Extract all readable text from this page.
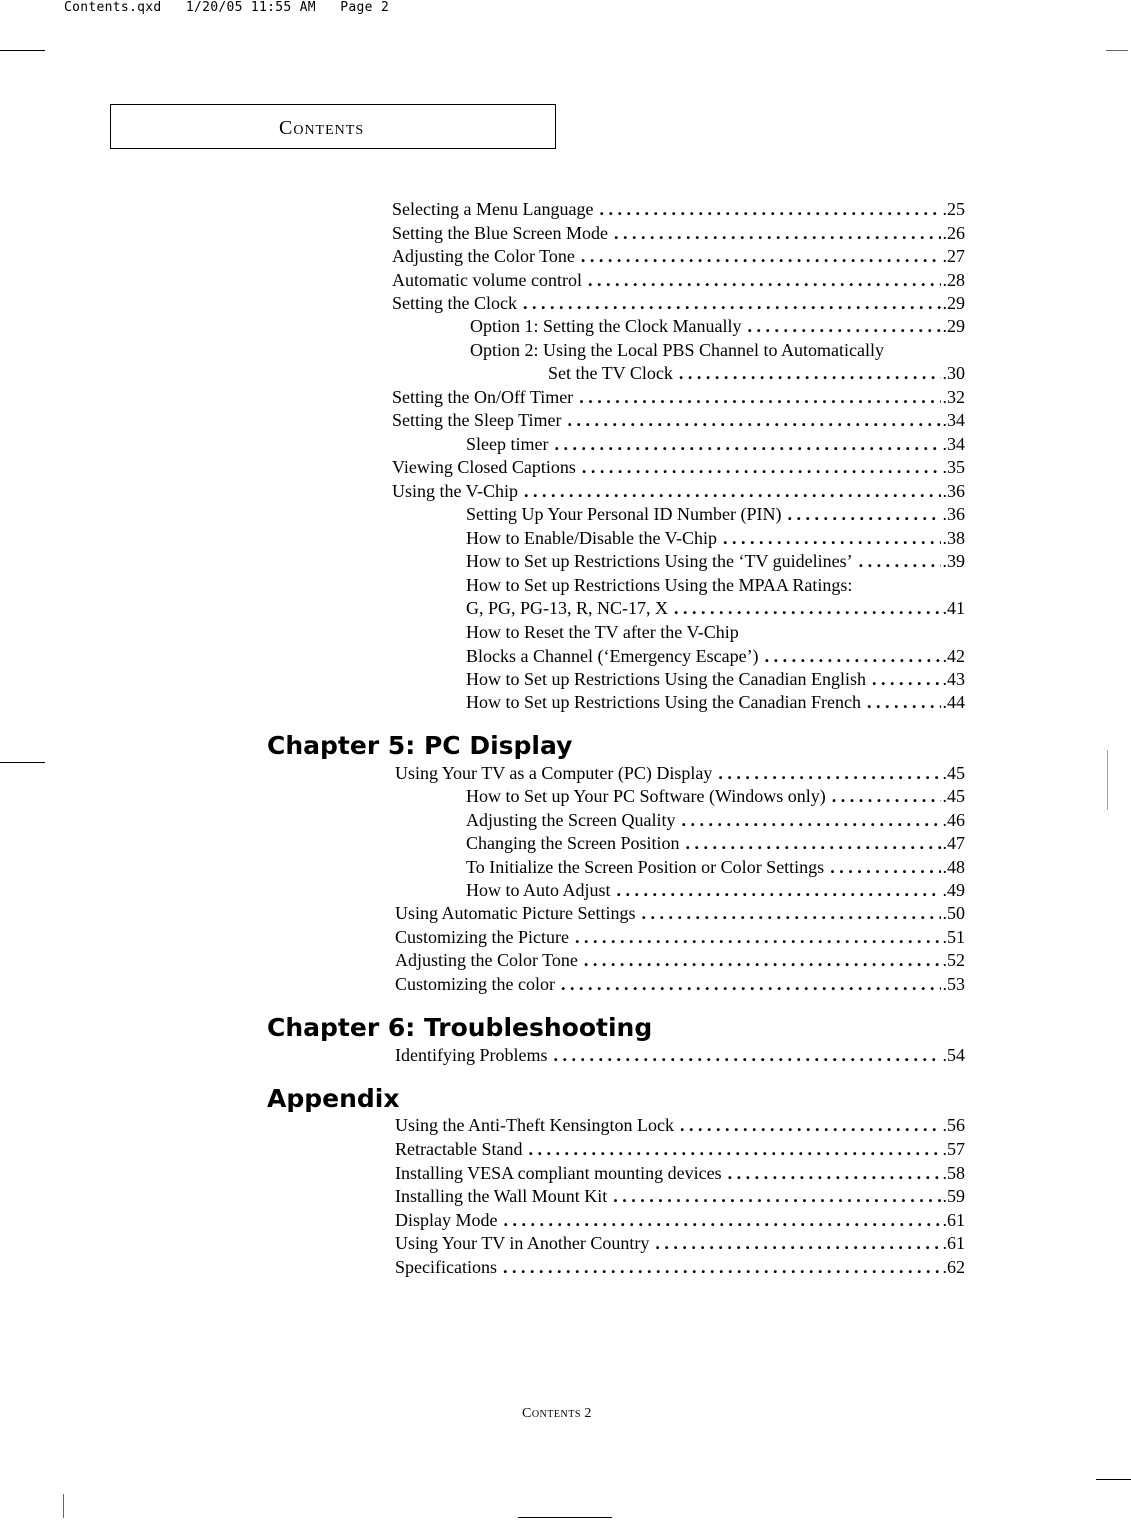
Contents.qxd   1/20/05 11:55 AM   Page 2
Contents
Selecting a Menu Language . . .	.25
Setting the Blue Screen Mode . . .	.26
Adjusting the Color Tone . . .	.27
Automatic volume control . . .	.28
Setting the Clock . . .	.29
Option 1: Setting the Clock Manually . . .	.29
Option 2: Using the Local PBS Channel to Automatically
Set the TV Clock . . .	.30
Setting the On/Off Timer . . .	.32
Setting the Sleep Timer . . .	.34
Sleep timer . . .	.34
Viewing Closed Captions . . .	.35
Using the V-Chip . . .	.36
Setting Up Your Personal ID Number (PIN) . . .	.36
How to Enable/Disable the V-Chip . . .	.38
How to Set up Restrictions Using the ‘TV guidelines’ . . .	.39
How to Set up Restrictions Using the MPAA Ratings:
G, PG, PG-13, R, NC-17, X . . .	.41
How to Reset the TV after the V-Chip
Blocks a Channel (‘Emergency Escape’) . . .	.42
How to Set up Restrictions Using the Canadian English . . .	.43
How to Set up Restrictions Using the Canadian French . . .	.44
Chapter 5: PC Display
Using Your TV as a Computer (PC) Display . . .	.45
How to Set up Your PC Software (Windows only) . . .	.45
Adjusting the Screen Quality . . .	.46
Changing the Screen Position . . .	.47
To Initialize the Screen Position or Color Settings . . .	.48
How to Auto Adjust . . .	.49
Using Automatic Picture Settings . . .	.50
Customizing the Picture . . .	.51
Adjusting the Color Tone . . .	.52
Customizing the color . . .	.53
Chapter 6: Troubleshooting
Identifying Problems . . .	.54
Appendix
Using the Anti-Theft Kensington Lock . . .	.56
Retractable Stand . . .	.57
Installing VESA compliant mounting devices . . .	.58
Installing the Wall Mount Kit . . .	.59
Display Mode . . .	.61
Using Your TV in Another Country . . .	.61
Specifications . . .	.62
Contents 2
